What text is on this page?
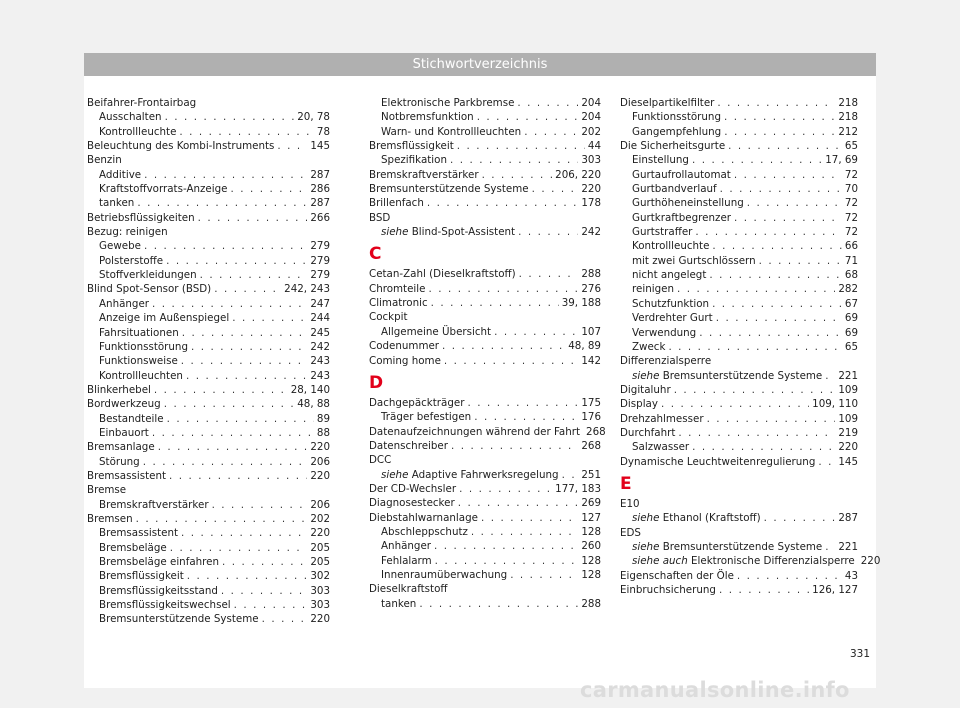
Stichwortverzeichnis
Beifahrer-Frontairbag
Ausschalten . . .	20, 78
Kontrollleuchte . . .	78
Beleuchtung des Kombi-Instruments . . .	145
Benzin
Additive . . .	287
Kraftstoffvorrats-Anzeige . . .	286
tanken . . .	287
Betriebsflüssigkeiten . . .	266
Bezug: reinigen
Gewebe . . .	279
Polsterstoffe . . .	279
Stoffverkleidungen . . .	279
Blind Spot-Sensor (BSD) . . .	242, 243
Anhänger . . .	247
Anzeige im Außenspiegel . . .	244
Fahrsituationen . . .	245
Funktionsstörung . . .	242
Funktionsweise . . .	243
Kontrollleuchten . . .	243
Blinkerhebel . . .	28, 140
Bordwerkzeug . . .	48, 88
Bestandteile . . .	89
Einbauort . . .	88
Bremsanlage . . .	220
Störung . . .	206
Bremsassistent . . .	220
Bremse
Bremskraftverstärker . . .	206
Bremsen . . .	202
Bremsassistent . . .	220
Bremsbeläge . . .	205
Bremsbeläge einfahren . . .	205
Bremsflüssigkeit . . .	302
Bremsflüssigkeitsstand . . .	303
Bremsflüssigkeitswechsel . . .	303
Bremsunterstützende Systeme . . .	220
Elektronische Parkbremse . . .	204
Notbremsfunktion . . .	204
Warn- und Kontrollleuchten . . .	202
Bremsflüssigkeit . . .	44
Spezifikation . . .	303
Bremskraftverstärker . . .	206, 220
Bremsunterstützende Systeme . . .	220
Brillenfach . . .	178
BSD
siehe Blind-Spot-Assistent . . .	242
C
Cetan-Zahl (Dieselkraftstoff) . . .	288
Chromteile . . .	276
Climatronic . . .	39, 188
Cockpit
Allgemeine Übersicht . . .	107
Codenummer . . .	48, 89
Coming home . . .	142
D
Dachgepäckträger . . .	175
Träger befestigen . . .	176
Datenaufzeichnungen während der Fahrt 268
Datenschreiber . . .	268
DCC
siehe Adaptive Fahrwerksregelung . . . 251
Der CD-Wechsler . . .	177, 183
Diagnosestecker . . .	269
Diebstahlwarnanlage . . .	127
Abschleppschutz . . .	128
Anhänger . . .	260
Fehlalarm . . .	128
Innenraumüberwachung . . .	128
Dieselkraftstoff
tanken . . .	288
Dieselpartikelfilter . . .	218
Funktionsstörung . . .	218
Gangempfehlung . . .	212
Die Sicherheitsgurte . . .	65
Einstellung . . .	17, 69
Gurtaufrollautomat . . .	72
Gurtbandverlauf . . .	70
Gurthöheneinstellung . . .	72
Gurtkraftbegrenzer . . .	72
Gurtstraffer . . .	72
Kontrollleuchte . . .	66
mit zwei Gurtschlössern . . .	71
nicht angelegt . . .	68
reinigen . . .	282
Schutzfunktion . . .	67
Verdrehter Gurt . . .	69
Verwendung . . .	69
Zweck . . .	65
Differenzialsperre
siehe Bremsunterstützende Systeme . . . 221
Digitaluhr . . .	109
Display . . .	109, 110
Drehzahlmesser . . .	109
Durchfahrt . . .	219
Salzwasser . . .	220
Dynamische Leuchtweitenregulierung . . . 145
E
E10
siehe Ethanol (Kraftstoff) . . .	287
EDS
siehe Bremsunterstützende Systeme . . . 221
siehe auch Elektronische Differenzialsperre 220
Eigenschaften der Öle . . .	43
Einbruchsicherung . . .	126, 127
331
carmanualsonline.info
